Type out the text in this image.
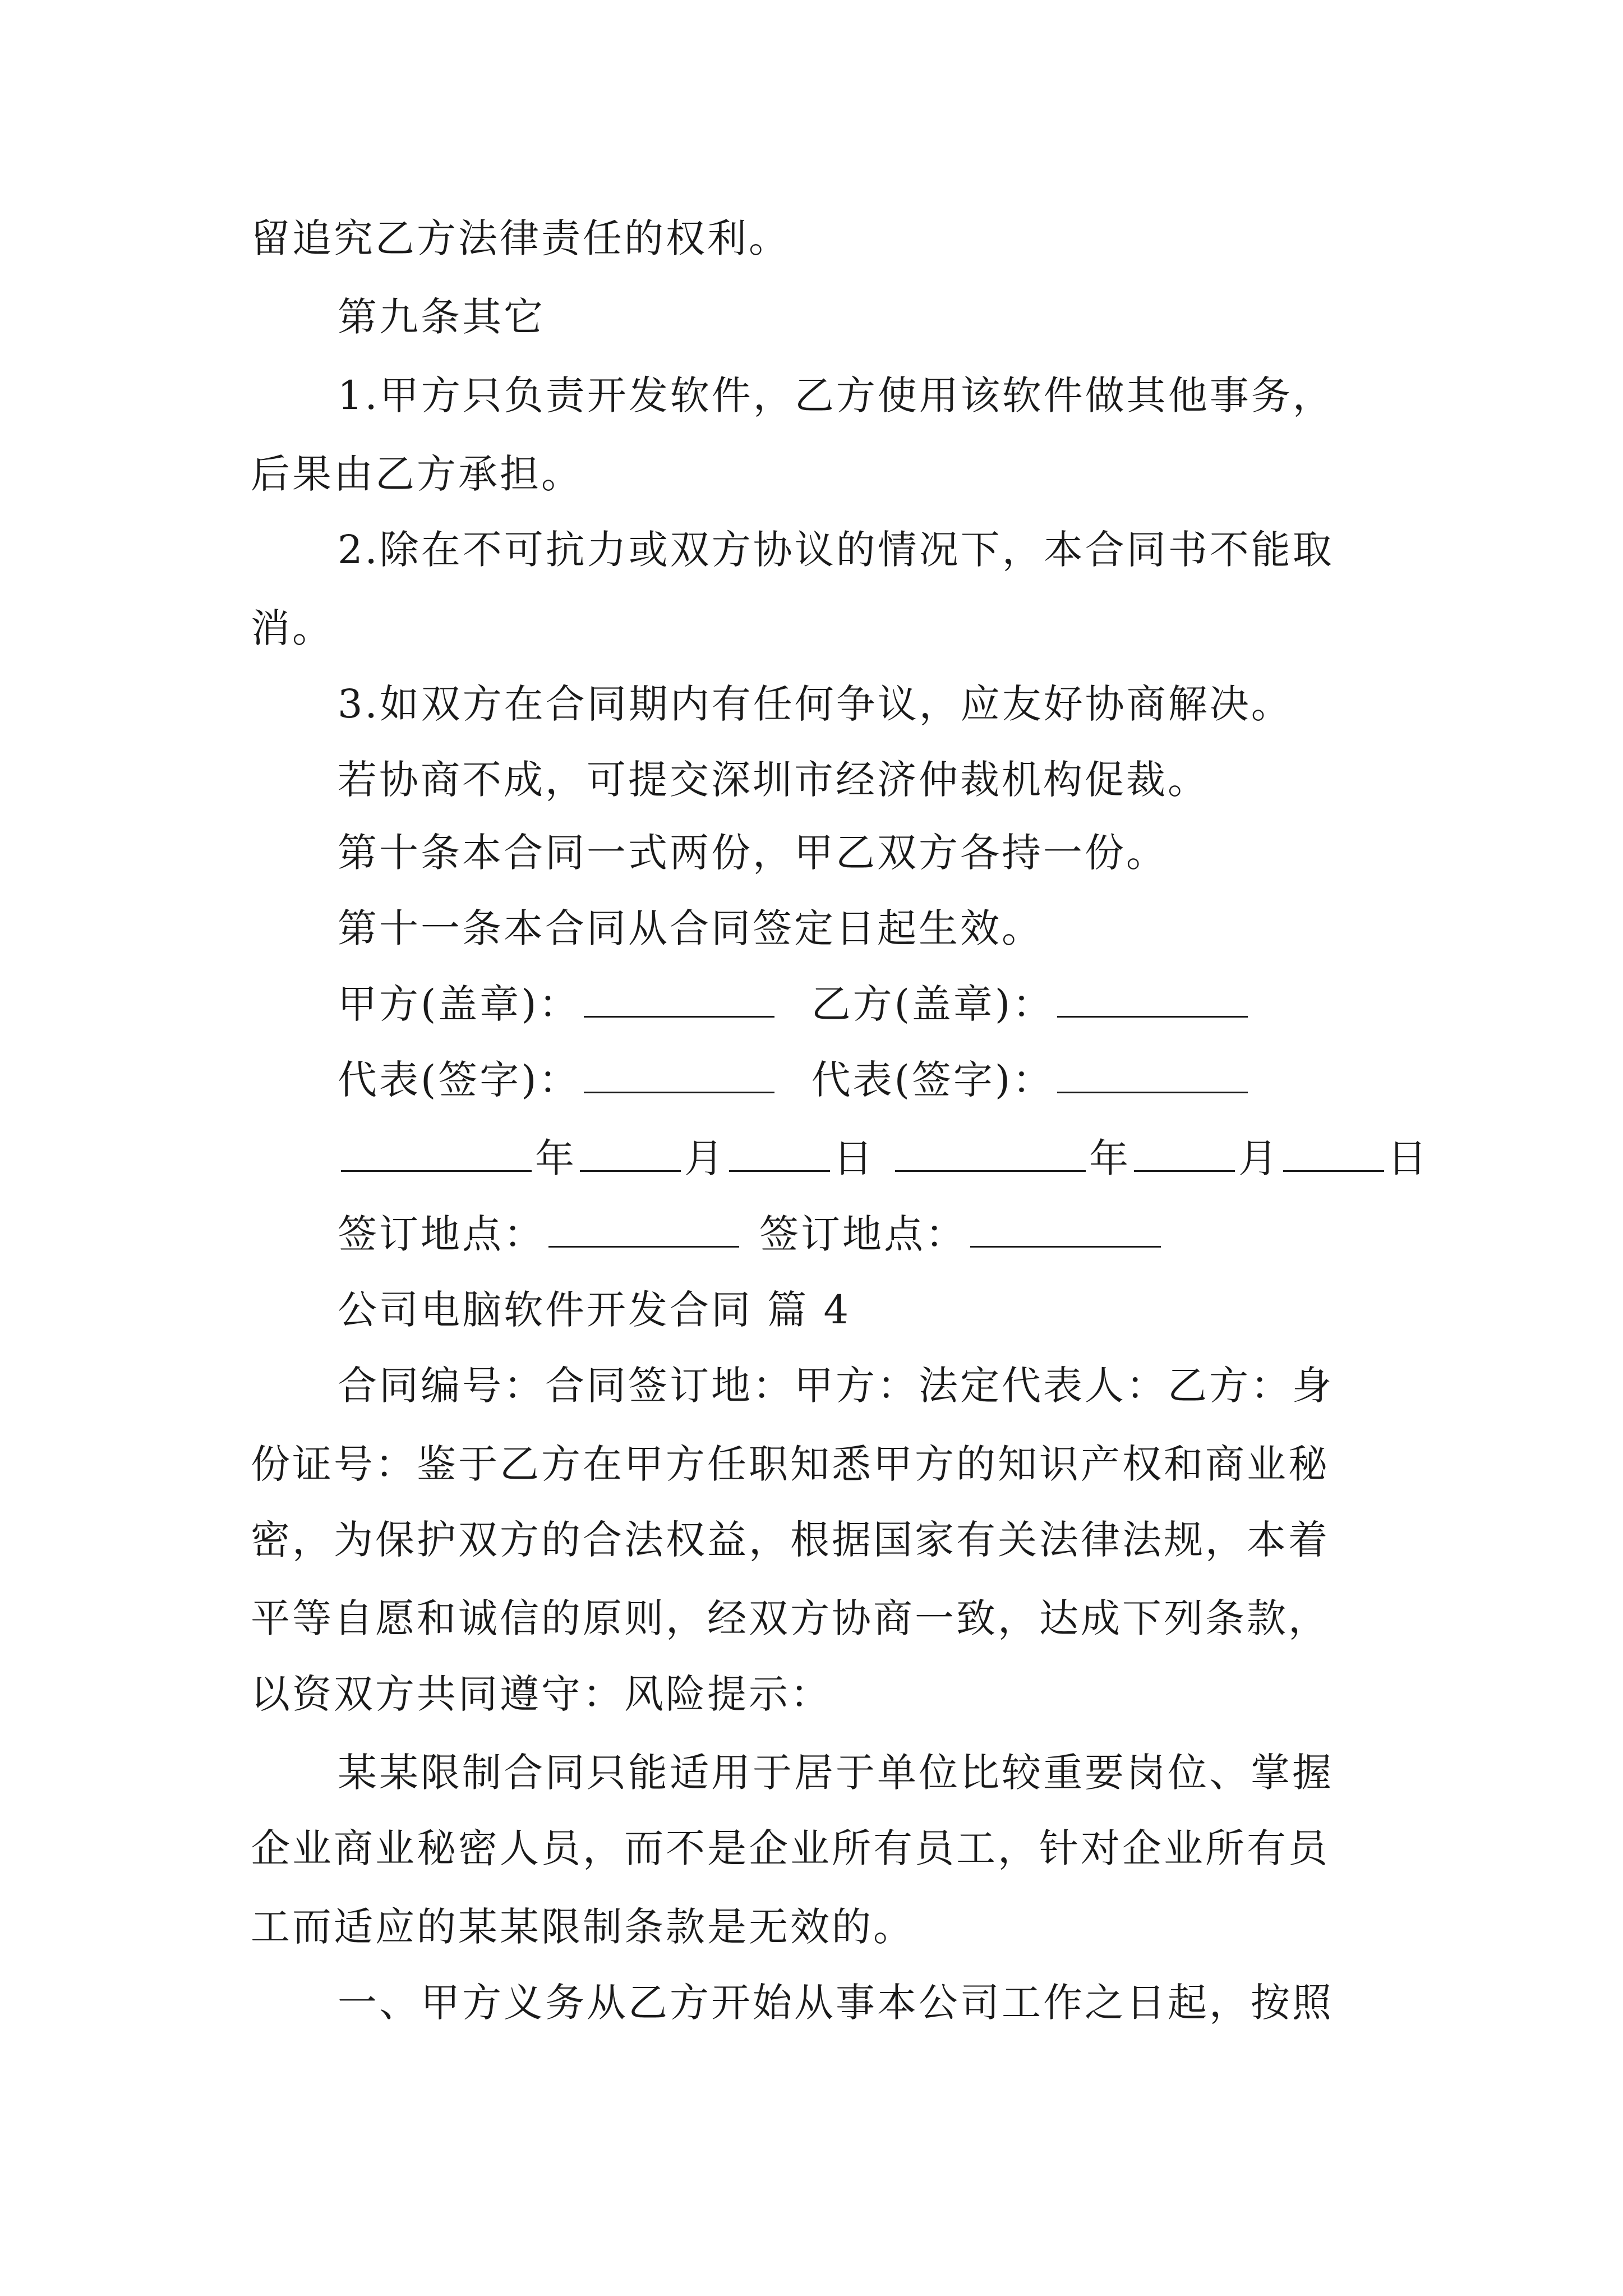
留追究乙方法律责任的权利。
第九条其它
1.甲方只负责开发软件，乙方使用该软件做其他事务，
后果由乙方承担。
2.除在不可抗力或双方协议的情况下，本合同书不能取
消。
3.如双方在合同期内有任何争议，应友好协商解决。
若协商不成，可提交深圳市经济仲裁机构促裁。
第十条本合同一式两份，甲乙双方各持一份。
第十一条本合同从合同签定日起生效。
甲方(盖章)：	乙方(盖章)：
代表(签字)：	代表(签字)：
年	月	日	年	月	日
签订地点：	签订地点：
公司电脑软件开发合同 篇 4
合同编号：合同签订地：甲方：法定代表人：乙方：身
份证号：鉴于乙方在甲方任职知悉甲方的知识产权和商业秘
密，为保护双方的合法权益，根据国家有关法律法规，本着
平等自愿和诚信的原则，经双方协商一致，达成下列条款，
以资双方共同遵守：风险提示：
某某限制合同只能适用于居于单位比较重要岗位、掌握
企业商业秘密人员，而不是企业所有员工，针对企业所有员
工而适应的某某限制条款是无效的。
一、甲方义务从乙方开始从事本公司工作之日起，按照
